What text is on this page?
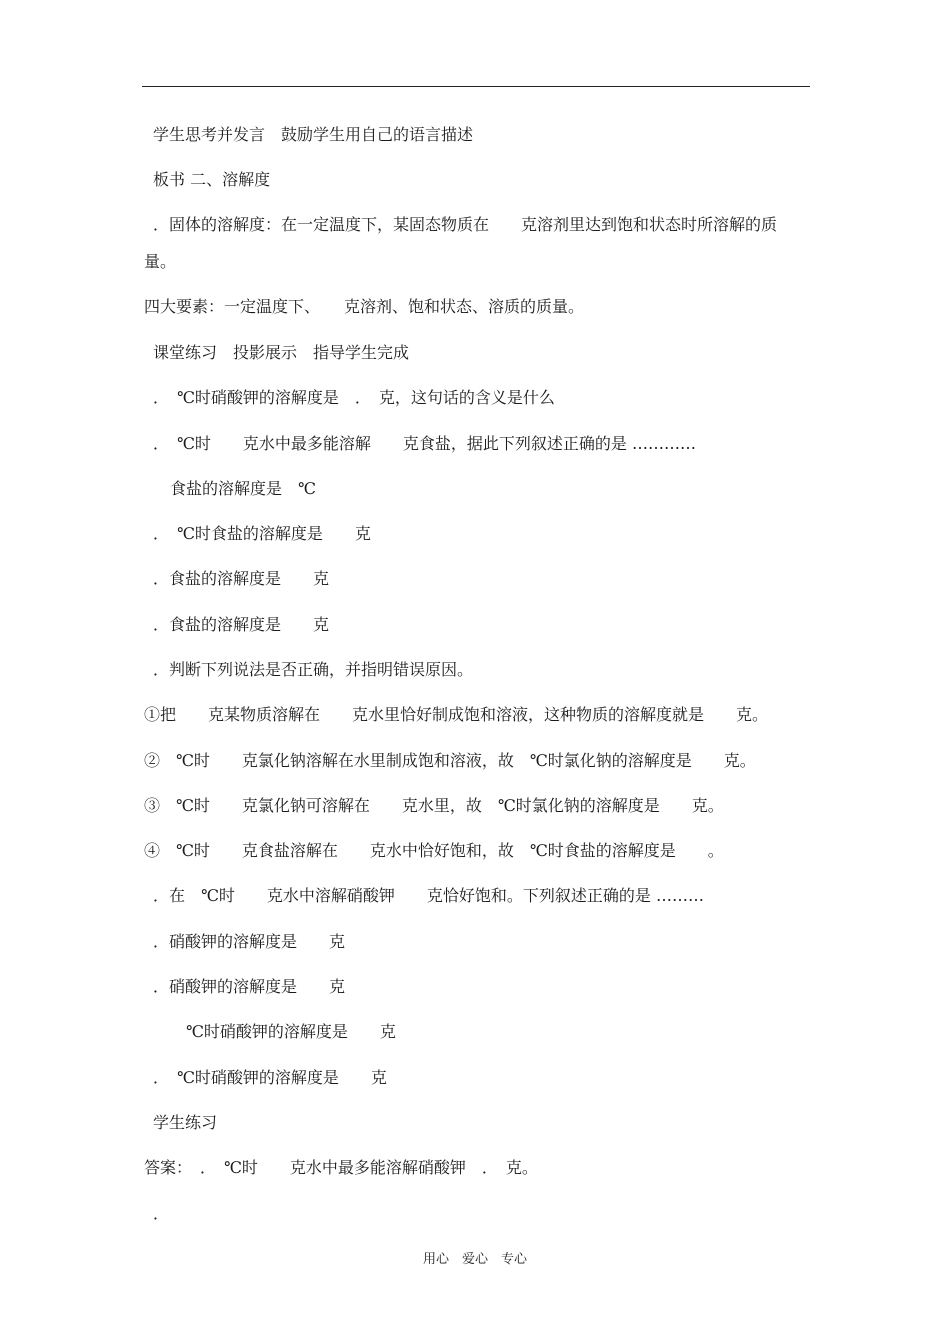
学生思考并发言　鼓励学生用自己的语言描述
板书 二、溶解度
．固体的溶解度：在一定温度下，某固态物质在　　克溶剂里达到饱和状态时所溶解的质
量。
四大要素：一定温度下、　　克溶剂、饱和状态、溶质的质量。
课堂练习　投影展示　指导学生完成
．　℃时硝酸钾的溶解度是　．　克，这句话的含义是什么
．　℃时　　克水中最多能溶解　　克食盐，据此下列叙述正确的是 …………
食盐的溶解度是　℃
．　℃时食盐的溶解度是　　克
．食盐的溶解度是　　克
．食盐的溶解度是　　克
．判断下列说法是否正确，并指明错误原因。
①把　　克某物质溶解在　　克水里恰好制成饱和溶液，这种物质的溶解度就是　　克。
②　℃时　　克氯化钠溶解在水里制成饱和溶液，故　℃时氯化钠的溶解度是　　克。
③　℃时　　克氯化钠可溶解在　　克水里，故　℃时氯化钠的溶解度是　　克。
④　℃时　　克食盐溶解在　　克水中恰好饱和，故　℃时食盐的溶解度是　　。
．在　℃时　　克水中溶解硝酸钾　　克恰好饱和。下列叙述正确的是 ………
．硝酸钾的溶解度是　　克
．硝酸钾的溶解度是　　克
℃时硝酸钾的溶解度是　　克
．　℃时硝酸钾的溶解度是　　克
学生练习
答案：　．　℃时　　克水中最多能溶解硝酸钾　．　克。
．
用心　爱心　专心
